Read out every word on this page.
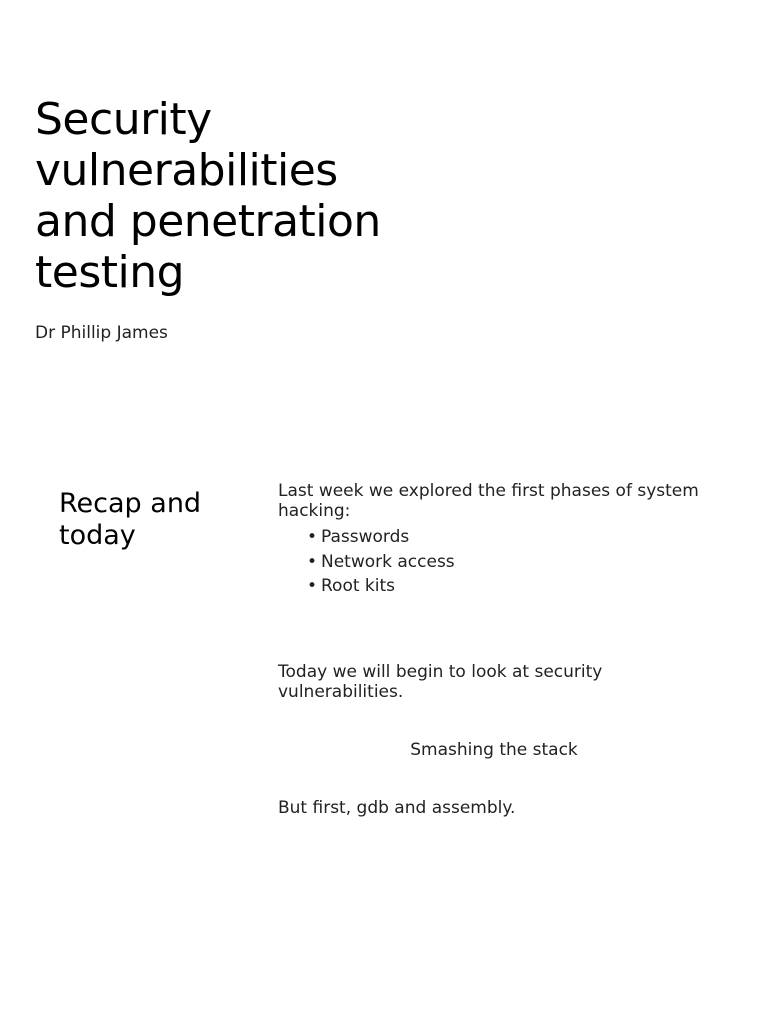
Security vulnerabilities and penetration testing
Dr Phillip James
Recap and today

Last week we explored the first phases of system hacking:

• Passwords
• Network access
• Root kits

Today we will begin to look at security vulnerabilities.

Smashing the stack

But first, gdb and assembly.
